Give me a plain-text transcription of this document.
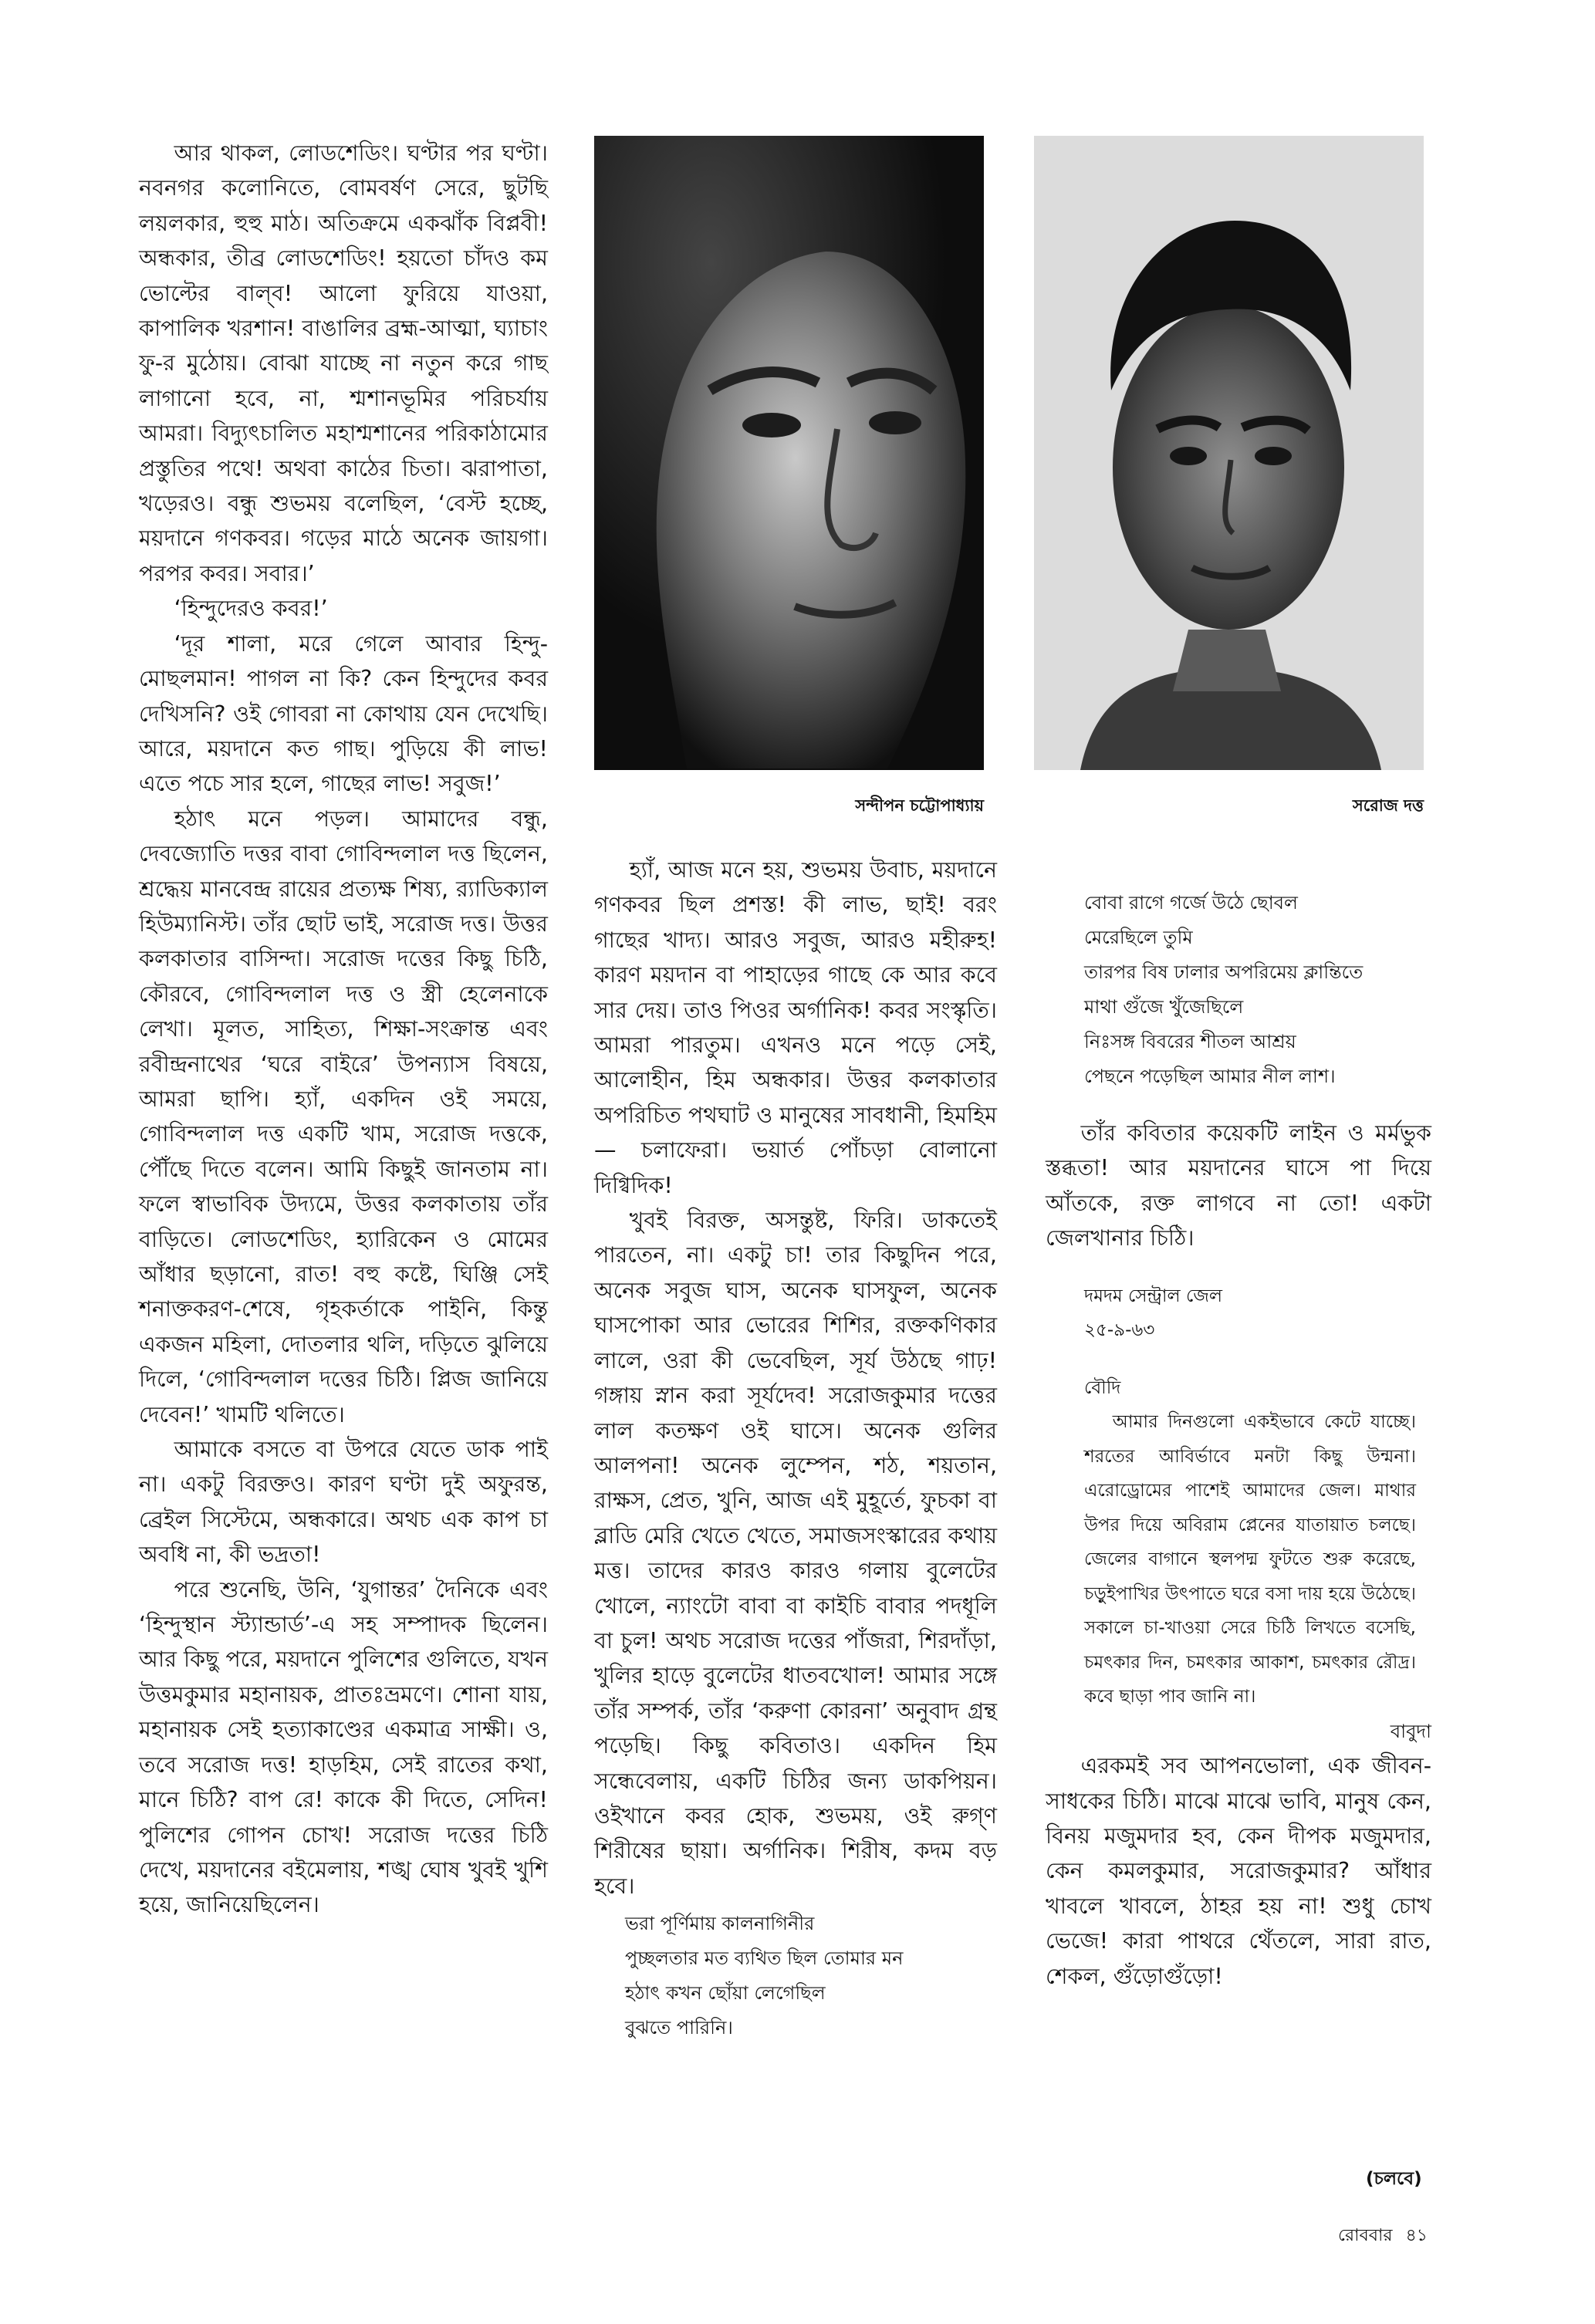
আর থাকল, লোডশেডিং। ঘণ্টার পর ঘণ্টা। নবনগর কলোনিতে, বোমবর্ষণ সেরে, ছুটছি লয়লকার, হুহু মাঠ। অতিক্রমে একঝাঁক বিপ্লবী! অন্ধকার, তীব্র লোডশেডিং! হয়তো চাঁদও কম ভোল্টের বাল্‌ব! আলো ফুরিয়ে যাওয়া, কাপালিক খরশান! বাঙালির ব্রহ্ম-আত্মা, ঘ্যাচাং ফু-র মুঠোয়। বোঝা যাচ্ছে না নতুন করে গাছ লাগানো হবে, না, শ্মশানভূমির পরিচর্যায় আমরা। বিদ্যুৎচালিত মহাশ্মশানের পরিকাঠামোর প্রস্তুতির পথে! অথবা কাঠের চিতা। ঝরাপাতা, খড়েরও। বন্ধু শুভময় বলেছিল, ‘বেস্ট হচ্ছে, ময়দানে গণকবর। গড়ের মাঠে অনেক জায়গা। পরপর কবর। সবার।’

‘হিন্দুদেরও কবর!’

‘দূর শালা, মরে গেলে আবার হিন্দু-মোছলমান! পাগল না কি? কেন হিন্দুদের কবর দেখিসনি? ওই গোবরা না কোথায় যেন দেখেছি। আরে, ময়দানে কত গাছ। পুড়িয়ে কী লাভ! এতে পচে সার হলে, গাছের লাভ! সবুজ!’

হঠাৎ মনে পড়ল। আমাদের বন্ধু, দেবজ্যোতি দত্তর বাবা গোবিন্দলাল দত্ত ছিলেন, শ্রদ্ধেয় মানবেন্দ্র রায়ের প্রত্যক্ষ শিষ্য, র‍্যাডিক্যাল হিউম্যানিস্ট। তাঁর ছোট ভাই, সরোজ দত্ত। উত্তর কলকাতার বাসিন্দা। সরোজ দত্তের কিছু চিঠি, কৌরবে, গোবিন্দলাল দত্ত ও স্ত্রী হেলেনাকে লেখা। মূলত, সাহিত্য, শিক্ষা-সংক্রান্ত এবং রবীন্দ্রনাথের ‘ঘরে বাইরে’ উপন্যাস বিষয়ে, আমরা ছাপি। হ্যাঁ, একদিন ওই সময়ে, গোবিন্দলাল দত্ত একটি খাম, সরোজ দত্তকে, পৌঁছে দিতে বলেন। আমি কিছুই জানতাম না। ফলে স্বাভাবিক উদ্যমে, উত্তর কলকাতায় তাঁর বাড়িতে। লোডশেডিং, হ্যারিকেন ও মোমের আঁধার ছড়ানো, রাত! বহু কষ্টে, ঘিঞ্জি সেই শনাক্তকরণ-শেষে, গৃহকর্তাকে পাইনি, কিন্তু একজন মহিলা, দোতলার থলি, দড়িতে ঝুলিয়ে দিলে, ‘গোবিন্দলাল দত্তের চিঠি। প্লিজ জানিয়ে দেবেন!’ খামটি থলিতে।

আমাকে বসতে বা উপরে যেতে ডাক পাই না। একটু বিরক্তও। কারণ ঘণ্টা দুই অফুরন্ত, ব্রেইল সিস্টেমে, অন্ধকারে। অথচ এক কাপ চা অবধি না, কী ভদ্রতা!

পরে শুনেছি, উনি, ‘যুগান্তর’ দৈনিকে এবং ‘হিন্দুস্থান স্ট্যান্ডার্ড’-এ সহ সম্পাদক ছিলেন। আর কিছু পরে, ময়দানে পুলিশের গুলিতে, যখন উত্তমকুমার মহানায়ক, প্রাতঃভ্রমণে। শোনা যায়, মহানায়ক সেই হত্যাকাণ্ডের একমাত্র সাক্ষী। ও, তবে সরোজ দত্ত! হাড়হিম, সেই রাতের কথা, মানে চিঠি? বাপ রে! কাকে কী দিতে, সেদিন! পুলিশের গোপন চোখ! সরোজ দত্তের চিঠি দেখে, ময়দানের বইমেলায়, শঙ্খ ঘোষ খুবই খুশি হয়ে, জানিয়েছিলেন।

সন্দীপন চট্টোপাধ্যায়	সরোজ দত্ত

হ্যাঁ, আজ মনে হয়, শুভময় উবাচ, ময়দানে গণকবর ছিল প্রশস্ত! কী লাভ, ছাই! বরং গাছের খাদ্য। আরও সবুজ, আরও মহীরুহ! কারণ ময়দান বা পাহাড়ের গাছে কে আর কবে সার দেয়। তাও পিওর অর্গানিক! কবর সংস্কৃতি। আমরা পারতুম। এখনও মনে পড়ে সেই, আলোহীন, হিম অন্ধকার। উত্তর কলকাতার অপরিচিত পথঘাট ও মানুষের সাবধানী, হিমহিম— চলাফেরা। ভয়ার্ত পোঁচড়া বোলানো দিগ্বিদিক!

খুবই বিরক্ত, অসন্তুষ্ট, ফিরি। ডাকতেই পারতেন, না। একটু চা! তার কিছুদিন পরে, অনেক সবুজ ঘাস, অনেক ঘাসফুল, অনেক ঘাসপোকা আর ভোরের শিশির, রক্তকণিকার লালে, ওরা কী ভেবেছিল, সূর্য উঠছে গাঢ়! গঙ্গায় স্নান করা সূর্যদেব! সরোজকুমার দত্তের লাল কতক্ষণ ওই ঘাসে। অনেক গুলির আলপনা! অনেক লুম্পেন, শঠ, শয়তান, রাক্ষস, প্রেত, খুনি, আজ এই মুহূর্তে, ফুচকা বা ব্লাডি মেরি খেতে খেতে, সমাজসংস্কারের কথায় মত্ত। তাদের কারও কারও গলায় বুলেটের খোলে, ন্যাংটো বাবা বা কাইচি বাবার পদধূলি বা চুল! অথচ সরোজ দত্তের পাঁজরা, শিরদাঁড়া, খুলির হাড়ে বুলেটের ধাতবখোল! আমার সঙ্গে তাঁর সম্পর্ক, তাঁর ‘করুণা কোরনা’ অনুবাদ গ্রন্থ পড়েছি। কিছু কবিতাও। একদিন হিম সন্ধেবেলায়, একটি চিঠির জন্য ডাকপিয়ন। ওইখানে কবর হোক, শুভময়, ওই রুগ্‌ণ শিরীষের ছায়া। অর্গানিক। শিরীষ, কদম বড় হবে।

ভরা পূর্ণিমায় কালনাগিনীর

পুচ্ছলতার মত ব্যথিত ছিল তোমার মন

হঠাৎ কখন ছোঁয়া লেগেছিল

বুঝতে পারিনি।

বোবা রাগে গর্জে উঠে ছোবল

মেরেছিলে তুমি

তারপর বিষ ঢালার অপরিমেয় ক্লান্তিতে

মাথা গুঁজে খুঁজেছিলে

নিঃসঙ্গ বিবরের শীতল আশ্রয়

পেছনে পড়েছিল আমার নীল লাশ।

তাঁর কবিতার কয়েকটি লাইন ও মর্মভুক স্তব্ধতা! আর ময়দানের ঘাসে পা দিয়ে আঁতকে, রক্ত লাগবে না তো! একটা জেলখানার চিঠি।

দমদম সেন্ট্রাল জেল

২৫-৯-৬৩

বৌদি

আমার দিনগুলো একইভাবে কেটে যাচ্ছে। শরতের আবির্ভাবে মনটা কিছু উন্মনা। এরোড্রোমের পাশেই আমাদের জেল। মাথার উপর দিয়ে অবিরাম প্লেনের যাতায়াত চলছে। জেলের বাগানে স্থলপদ্ম ফুটতে শুরু করেছে, চড়ুইপাখির উৎপাতে ঘরে বসা দায় হয়ে উঠেছে। সকালে চা-খাওয়া সেরে চিঠি লিখতে বসেছি, চমৎকার দিন, চমৎকার আকাশ, চমৎকার রৌদ্র। কবে ছাড়া পাব জানি না।

বাবুদা

এরকমই সব আপনভোলা, এক জীবন-সাধকের চিঠি। মাঝে মাঝে ভাবি, মানুষ কেন, বিনয় মজুমদার হব, কেন দীপক মজুমদার, কেন কমলকুমার, সরোজকুমার? আঁধার খাবলে খাবলে, ঠাহর হয় না! শুধু চোখ ভেজে! কারা পাথরে থেঁতলে, সারা রাত, শেকল, গুঁড়োগুঁড়ো!

(চলবে)
রোববার ৪১
